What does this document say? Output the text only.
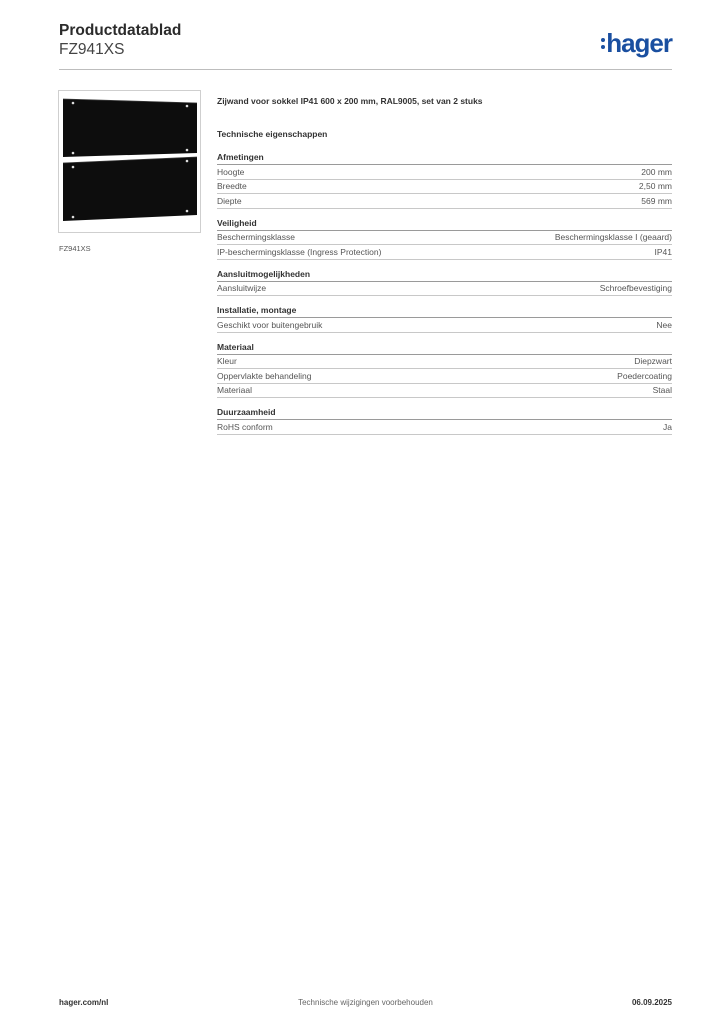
Productdatablad
FZ941XS	hager
FZ941XS
Zijwand voor sokkel IP41 600 x 200 mm, RAL9005, set van 2 stuks
Technische eigenschappen
Afmetingen
Hoogte	200 mm
Breedte	2,50 mm
Diepte	569 mm
Veiligheid
Beschermingsklasse	Beschermingsklasse I (geaard)
IP-beschermingsklasse (Ingress Protection)	IP41
Aansluitmogelijkheden
Aansluitwijze	Schroefbevestiging
Installatie, montage
Geschikt voor buitengebruik	Nee
Materiaal
Kleur	Diepzwart
Oppervlakte behandeling	Poedercoating
Materiaal	Staal
Duurzaamheid
RoHS conform	Ja
hager.com/nl	Technische wijzigingen voorbehouden	06.09.2025
